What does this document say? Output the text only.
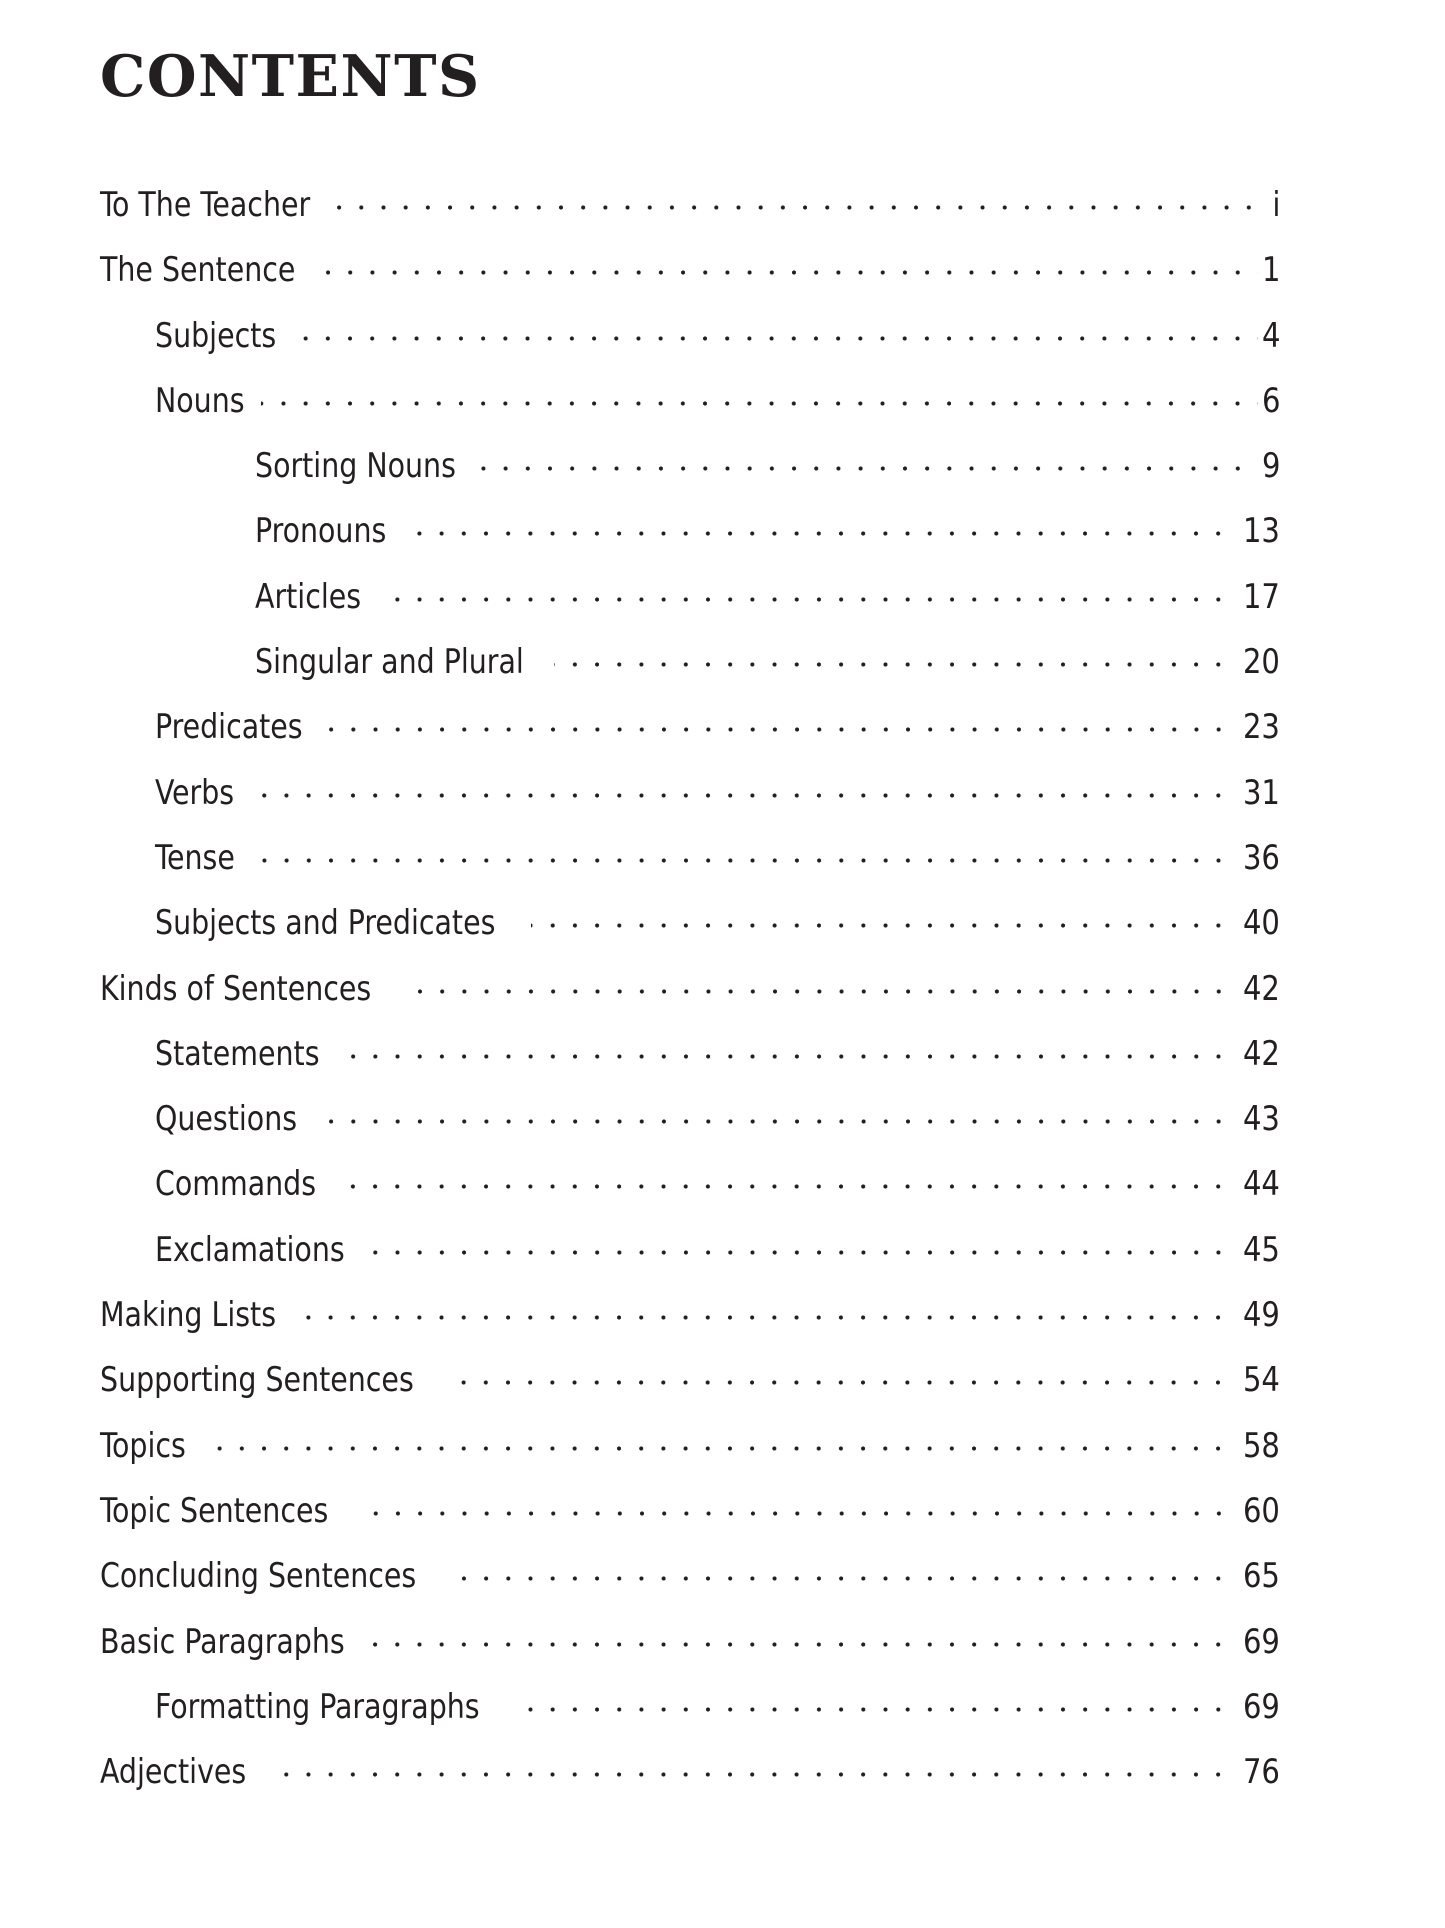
CONTENTS
To The Teacher	i
The Sentence	1
Subjects	4
Nouns	6
Sorting Nouns	9
Pronouns	13
Articles	17
Singular and Plural	20
Predicates	23
Verbs	31
Tense	36
Subjects and Predicates	40
Kinds of Sentences	42
Statements	42
Questions	43
Commands	44
Exclamations	45
Making Lists	49
Supporting Sentences	54
Topics	58
Topic Sentences	60
Concluding Sentences	65
Basic Paragraphs	69
Formatting Paragraphs	69
Adjectives	76
